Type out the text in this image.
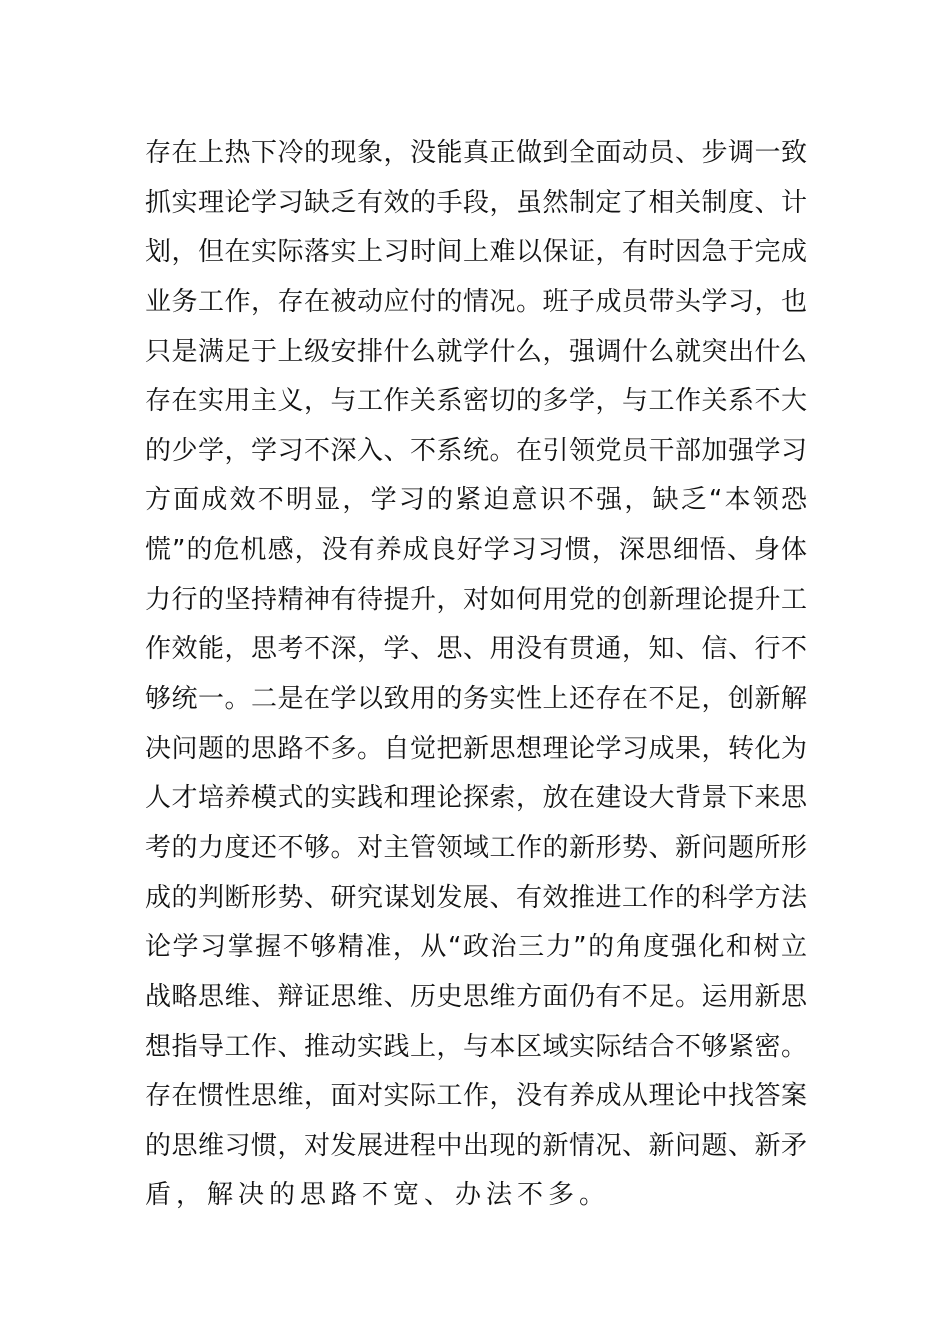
存在上热下冷的现象，没能真正做到全面动员、步调一致
抓实理论学习缺乏有效的手段，虽然制定了相关制度、计
划，但在实际落实上习时间上难以保证，有时因急于完成
业务工作，存在被动应付的情况。班子成员带头学习，也
只是满足于上级安排什么就学什么，强调什么就突出什么
存在实用主义，与工作关系密切的多学，与工作关系不大
的少学，学习不深入、不系统。在引领党员干部加强学习
方面成效不明显，学习的紧迫意识不强，缺乏“本领恐
慌”的危机感，没有养成良好学习习惯，深思细悟、身体
力行的坚持精神有待提升，对如何用党的创新理论提升工
作效能，思考不深，学、思、用没有贯通，知、信、行不
够统一。二是在学以致用的务实性上还存在不足，创新解
决问题的思路不多。自觉把新思想理论学习成果，转化为
人才培养模式的实践和理论探索，放在建设大背景下来思
考的力度还不够。对主管领域工作的新形势、新问题所形
成的判断形势、研究谋划发展、有效推进工作的科学方法
论学习掌握不够精准，从“政治三力”的角度强化和树立
战略思维、辩证思维、历史思维方面仍有不足。运用新思
想指导工作、推动实践上，与本区域实际结合不够紧密。
存在惯性思维，面对实际工作，没有养成从理论中找答案
的思维习惯，对发展进程中出现的新情况、新问题、新矛
盾，解决的思路不宽、办法不多。
